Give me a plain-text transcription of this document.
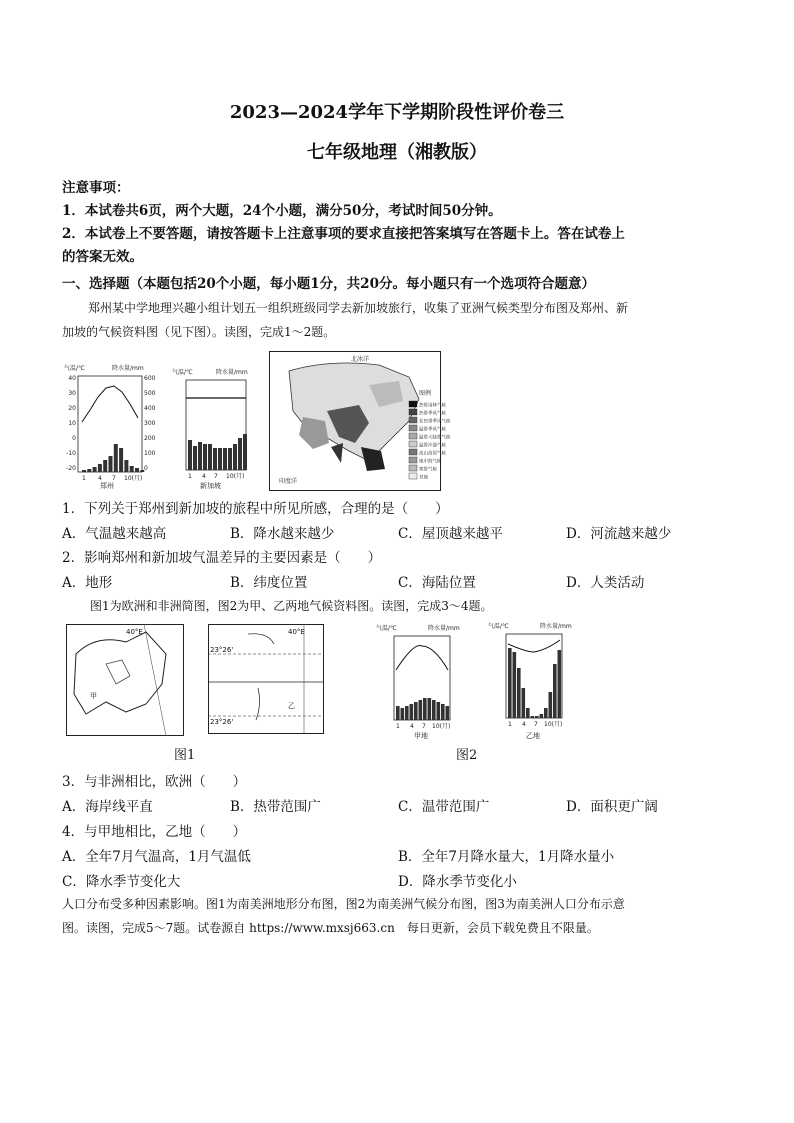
2023—2024学年下学期阶段性评价卷三
七年级地理（湘教版）
注意事项：
1．本试卷共6页，两个大题，24个小题，满分50分，考试时间50分钟。
2．本试卷上不要答题，请按答题卡上注意事项的要求直接把答案填写在答题卡上。答在试卷上
的答案无效。
一、选择题（本题包括20个小题，每小题1分，共20分。每小题只有一个选项符合题意）
郑州某中学地理兴趣小组计划五一组织班级同学去新加坡旅行，收集了亚洲气候类型分布图及郑州、新
加坡的气候资料图（见下图）。读图，完成1～2题。
气温/℃	降水量/mm
40
30
20
10
0
-10
-20
600
500
400
300
200
100
0
1 4 7 10(月)
郑州
气温/℃	降水量/mm
1 4 7 10(月)
新加坡
北冰洋
印度洋
图例
热带雨林气候
热带季风气候
亚热带季风气候
温带季风气候
温带大陆性气候
温带沙漠气候
高山高原气候
地中海气候
寒带气候
其他
1．下列关于郑州到新加坡的旅程中所见所感，合理的是（　　）
A．气温越来越高	B．降水越来越少	C．屋顶越来越平	D．河流越来越少
2．影响郑州和新加坡气温差异的主要因素是（　　）
A．地形	B．纬度位置	C．海陆位置	D．人类活动
图1为欧洲和非洲简图，图2为甲、乙两地气候资料图。读图，完成3～4题。
40°E
甲
40°E
23°26'
23°26'
乙
气温/℃	降水量/mm
1 4 7 10(月)
甲地
气温/℃	降水量/mm
1 4 7 10(月)
乙地
图1	图2
3．与非洲相比，欧洲（　　）
A．海岸线平直	B．热带范围广	C．温带范围广	D．面积更广阔
4．与甲地相比，乙地（　　）
A．全年7月气温高，1月气温低	B．全年7月降水量大，1月降水量小
C．降水季节变化大	D．降水季节变化小
人口分布受多种因素影响。图1为南美洲地形分布图，图2为南美洲气候分布图，图3为南美洲人口分布示意
图。读图，完成5～7题。试卷源自 https://www.mxsj663.cn　每日更新，会员下载免费且不限量。
